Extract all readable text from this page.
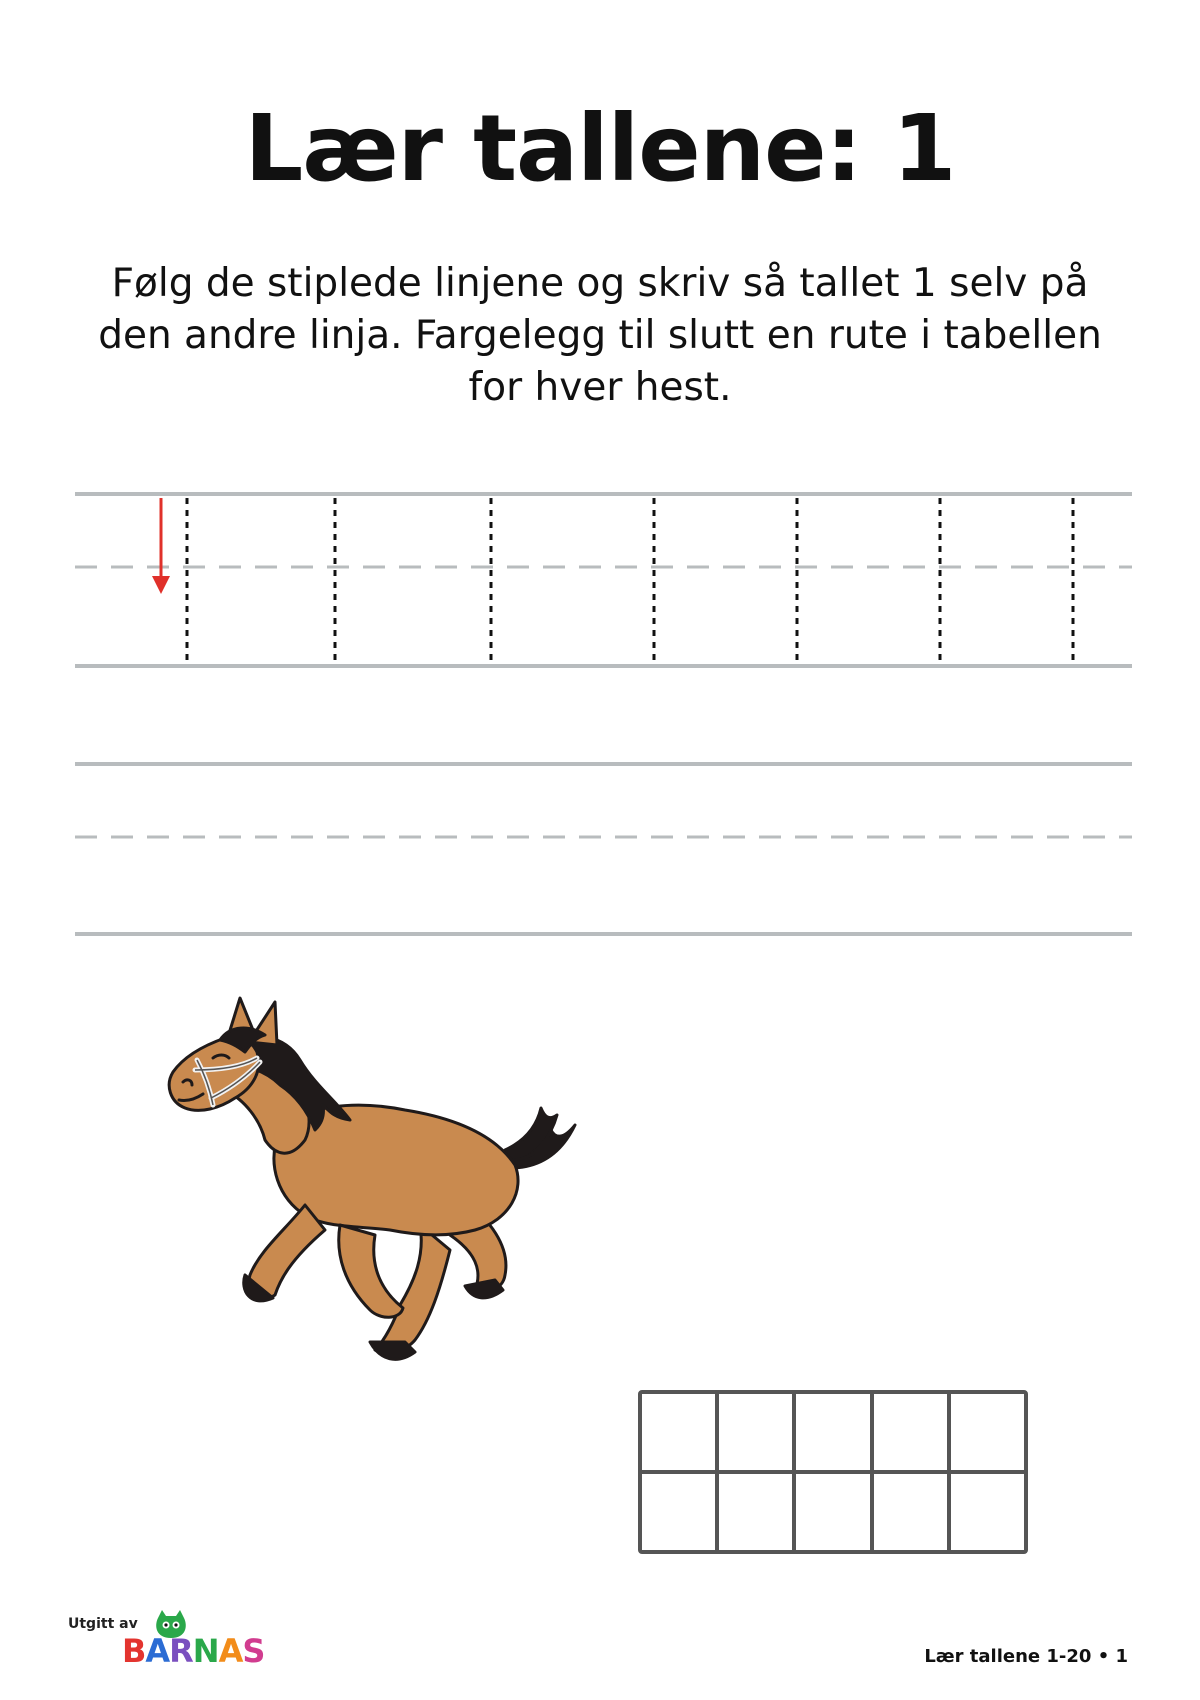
Lær tallene: 1
Følg de stiplede linjene og skriv så tallet 1 selv på den andre linja. Fargelegg til slutt en rute i tabellen for hver hest.
Utgitt av
BARNAS	Lær tallene 1-20 • 1
